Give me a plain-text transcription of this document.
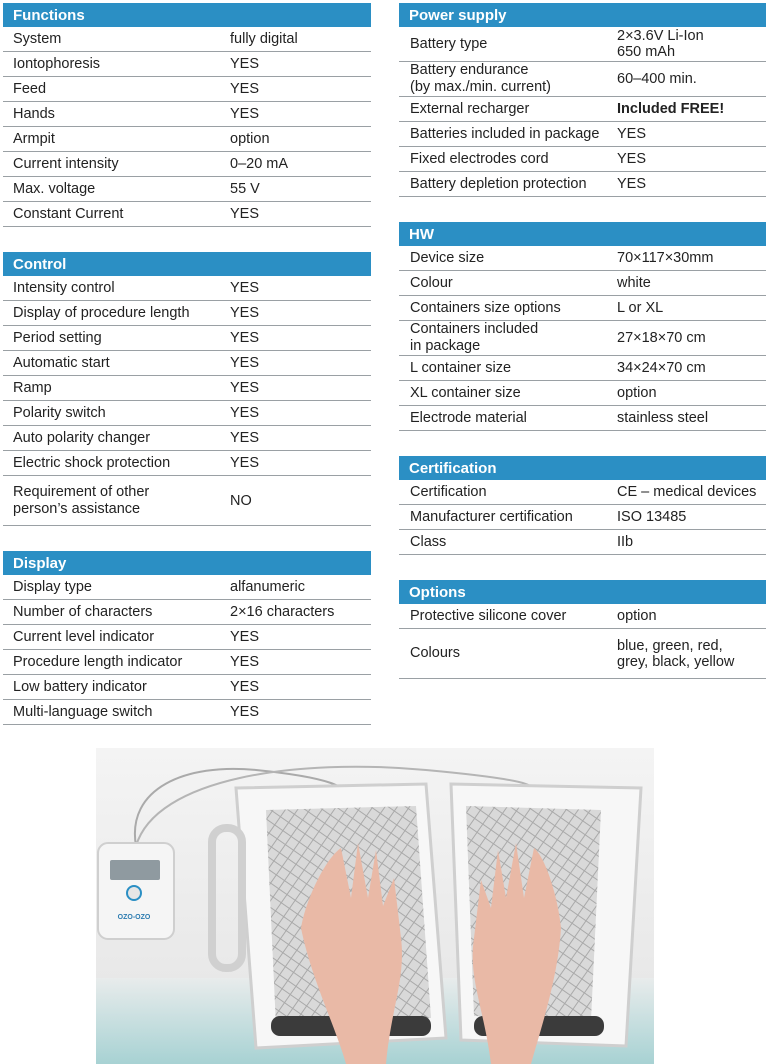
Functions
System	fully digital
Iontophoresis	YES
Feed	YES
Hands	YES
Armpit	option
Current intensity	0–20 mA
Max. voltage	55 V
Constant Current	YES
Control
Intensity control	YES
Display of procedure length	YES
Period setting	YES
Automatic start	YES
Ramp	YES
Polarity switch	YES
Auto polarity changer	YES
Electric shock protection	YES
Requirement of other
person’s assistance	NO
Display
Display type	alfanumeric
Number of characters	2×16 characters
Current level indicator	YES
Procedure length indicator	YES
Low battery indicator	YES
Multi-language switch	YES
Power supply
Battery type	2×3.6V Li-Ion
650 mAh
Battery endurance
(by max./min. current)	60–400 min.
External recharger	Included FREE!
Batteries included in package	YES
Fixed electrodes cord	YES
Battery depletion protection	YES
HW
Device size	70×117×30mm
Colour	white
Containers size options	L or XL
Containers included
in package	27×18×70 cm
L container size	34×24×70 cm
XL container size	option
Electrode material	stainless steel
Certification
Certification	CE – medical devices
Manufacturer certification	ISO 13485
Class	IIb
Options
Protective silicone cover	option
Colours	blue, green, red,
grey, black, yellow
OZO-OZO
